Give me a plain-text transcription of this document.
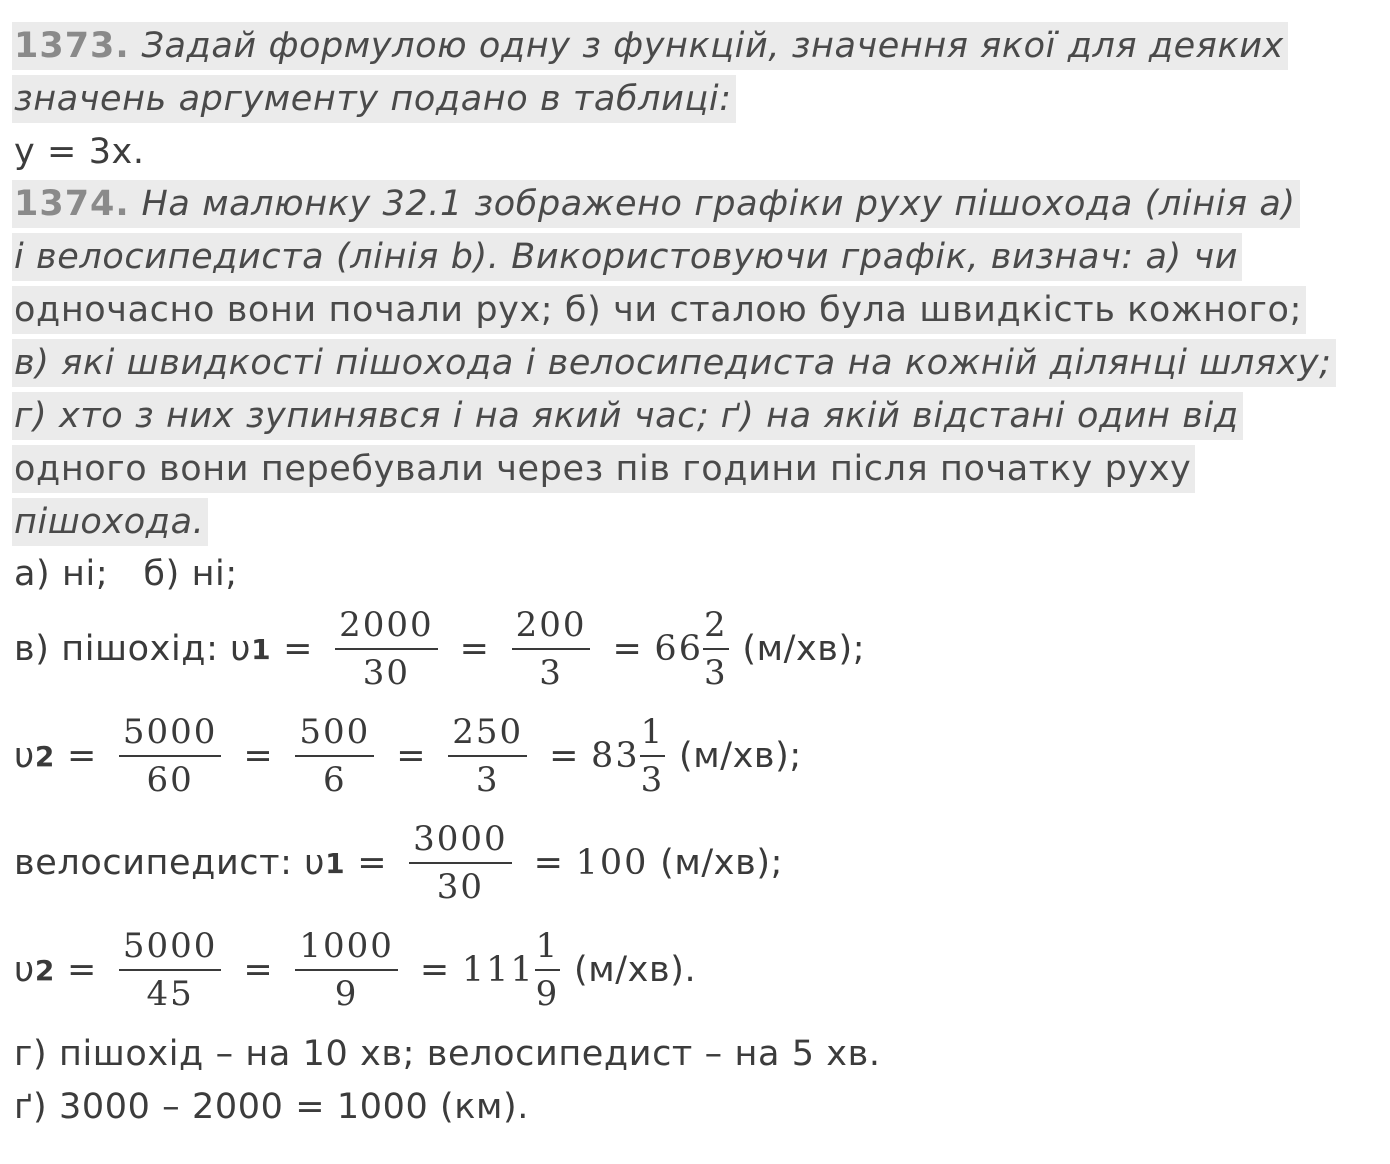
1373. Задай формулою одну з функцій, значення якої для деяких
значень аргументу подано в таблиці:
у = 3х.
1374. На малюнку 32.1 зображено графіки руху пішохода (лінія а)
і велосипедиста (лінія b). Використовуючи графік, визнач: а) чи
одночасно вони почали рух; б) чи сталою була швидкість кожного;
в) які швидкості пішохода і велосипедиста на кожній ділянці шляху;
г) хто з них зупинявся і на який час; ґ) на якій відстані один від
одного вони перебували через пів години після початку руху
пішохода.
а) ні;   б) ні;
в) пішохід: υ $1 = \frac{2000}{30} = \frac{200}{3} = 66 \frac{2}{3} (м/хв)$;
υ $2 = \frac{5000}{60} = \frac{500}{6} = \frac{250}{3} = 83 \frac{1}{3} (м/хв)$;
велосипедист: υ $1 = \frac{3000}{30} = 100$ (м/хв);
υ $2 = \frac{5000}{45} = \frac{1000}{9} = 111 \frac{1}{9} (м/хв)$.
г) пішохід – на 10 хв; велосипедист – на 5 хв.
ґ) 3000 – 2000 = 1000 (км).
